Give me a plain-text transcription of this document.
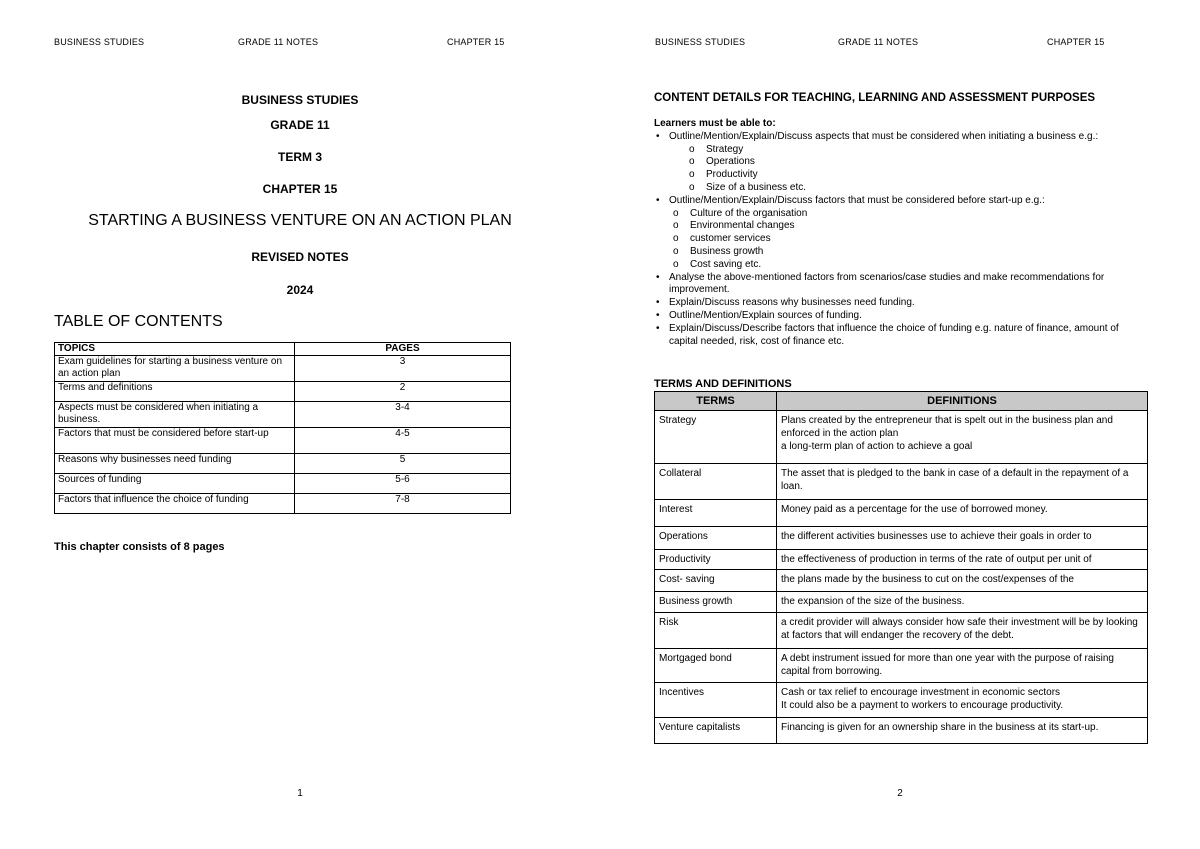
BUSINESS STUDIES	GRADE 11 NOTES	CHAPTER 15
BUSINESS STUDIES
GRADE 11
TERM 3
CHAPTER 15
STARTING A BUSINESS VENTURE ON AN ACTION PLAN
REVISED NOTES
2024
TABLE OF CONTENTS
TOPICS	PAGES
Exam guidelines for starting a business venture on an action plan	3
Terms and definitions	2
Aspects must be considered when initiating a business.	3-4
Factors that must be considered before start-up	4-5
Reasons why businesses need funding	5
Sources of funding	5-6
Factors that influence the choice of funding	7-8
This chapter consists of 8 pages
1
BUSINESS STUDIES	GRADE 11 NOTES	CHAPTER 15
CONTENT DETAILS FOR TEACHING, LEARNING AND ASSESSMENT PURPOSES
Learners must be able to:
• Outline/Mention/Explain/Discuss aspects that must be considered when initiating a business e.g.:
o Strategy
o Operations
o Productivity
o Size of a business etc.
• Outline/Mention/Explain/Discuss factors that must be considered before start-up e.g.:
o Culture of the organisation
o Environmental changes
o customer services
o Business growth
o Cost saving etc.
• Analyse the above-mentioned factors from scenarios/case studies and make recommendations for improvement.
• Explain/Discuss reasons why businesses need funding.
• Outline/Mention/Explain sources of funding.
• Explain/Discuss/Describe factors that influence the choice of funding e.g. nature of finance, amount of capital needed, risk, cost of finance etc.
TERMS AND DEFINITIONS
TERMS	DEFINITIONS
Strategy	Plans created by the entrepreneur that is spelt out in the business plan and enforced in the action plan
a long-term plan of action to achieve a goal

Collateral	The asset that is pledged to the bank in case of a default in the repayment of a loan.
Interest	Money paid as a percentage for the use of borrowed money.
Operations	the different activities businesses use to achieve their goals in order to

Productivity	the effectiveness of production in terms of the rate of output per unit of

Cost- saving	the plans made by the business to cut on the cost/expenses of the

Business growth	the expansion of the size of the business.
Risk	a credit provider will always consider how safe their investment will be by looking at factors that will endanger the recovery of the debt.
Mortgaged bond	A debt instrument issued for more than one year with the purpose of raising capital from borrowing.
Incentives	Cash or tax relief to encourage investment in economic sectors
It could also be a payment to workers to encourage productivity.

Venture capitalists	Financing is given for an ownership share in the business at its start-up.
2
